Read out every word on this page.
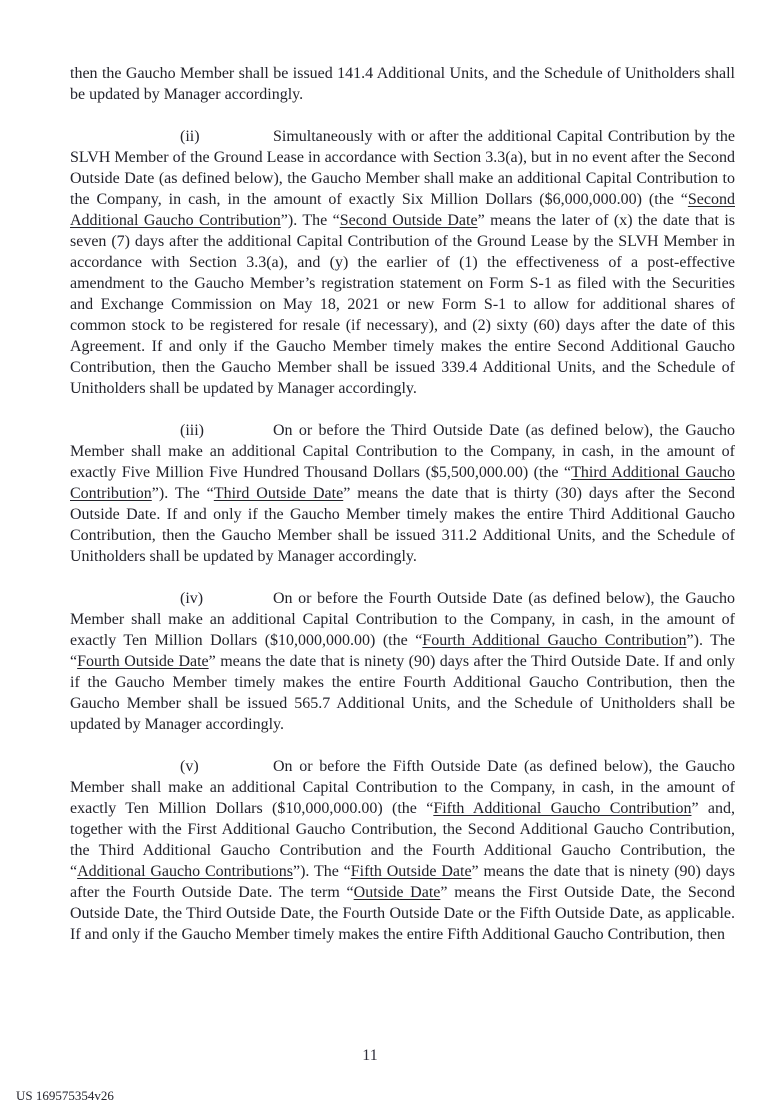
then the Gaucho Member shall be issued 141.4 Additional Units, and the Schedule of Unitholders shall be updated by Manager accordingly.

(ii)	Simultaneously with or after the additional Capital Contribution by the SLVH Member of the Ground Lease in accordance with Section 3.3(a), but in no event after the Second Outside Date (as defined below), the Gaucho Member shall make an additional Capital Contribution to the Company, in cash, in the amount of exactly Six Million Dollars ($6,000,000.00) (the “Second Additional Gaucho Contribution”). The “Second Outside Date” means the later of (x) the date that is seven (7) days after the additional Capital Contribution of the Ground Lease by the SLVH Member in accordance with Section 3.3(a), and (y) the earlier of (1) the effectiveness of a post-effective amendment to the Gaucho Member’s registration statement on Form S-1 as filed with the Securities and Exchange Commission on May 18, 2021 or new Form S-1 to allow for additional shares of common stock to be registered for resale (if necessary), and (2) sixty (60) days after the date of this Agreement. If and only if the Gaucho Member timely makes the entire Second Additional Gaucho Contribution, then the Gaucho Member shall be issued 339.4 Additional Units, and the Schedule of Unitholders shall be updated by Manager accordingly.

(iii)	On or before the Third Outside Date (as defined below), the Gaucho Member shall make an additional Capital Contribution to the Company, in cash, in the amount of exactly Five Million Five Hundred Thousand Dollars ($5,500,000.00) (the “Third Additional Gaucho Contribution”). The “Third Outside Date” means the date that is thirty (30) days after the Second Outside Date. If and only if the Gaucho Member timely makes the entire Third Additional Gaucho Contribution, then the Gaucho Member shall be issued 311.2 Additional Units, and the Schedule of Unitholders shall be updated by Manager accordingly.

(iv)	On or before the Fourth Outside Date (as defined below), the Gaucho Member shall make an additional Capital Contribution to the Company, in cash, in the amount of exactly Ten Million Dollars ($10,000,000.00) (the “Fourth Additional Gaucho Contribution”). The “Fourth Outside Date” means the date that is ninety (90) days after the Third Outside Date. If and only if the Gaucho Member timely makes the entire Fourth Additional Gaucho Contribution, then the Gaucho Member shall be issued 565.7 Additional Units, and the Schedule of Unitholders shall be updated by Manager accordingly.

(v)	On or before the Fifth Outside Date (as defined below), the Gaucho Member shall make an additional Capital Contribution to the Company, in cash, in the amount of exactly Ten Million Dollars ($10,000,000.00) (the “Fifth Additional Gaucho Contribution” and, together with the First Additional Gaucho Contribution, the Second Additional Gaucho Contribution, the Third Additional Gaucho Contribution and the Fourth Additional Gaucho Contribution, the “Additional Gaucho Contributions”). The “Fifth Outside Date” means the date that is ninety (90) days after the Fourth Outside Date. The term “Outside Date” means the First Outside Date, the Second Outside Date, the Third Outside Date, the Fourth Outside Date or the Fifth Outside Date, as applicable. If and only if the Gaucho Member timely makes the entire Fifth Additional Gaucho Contribution, then

11
US 169575354v26
